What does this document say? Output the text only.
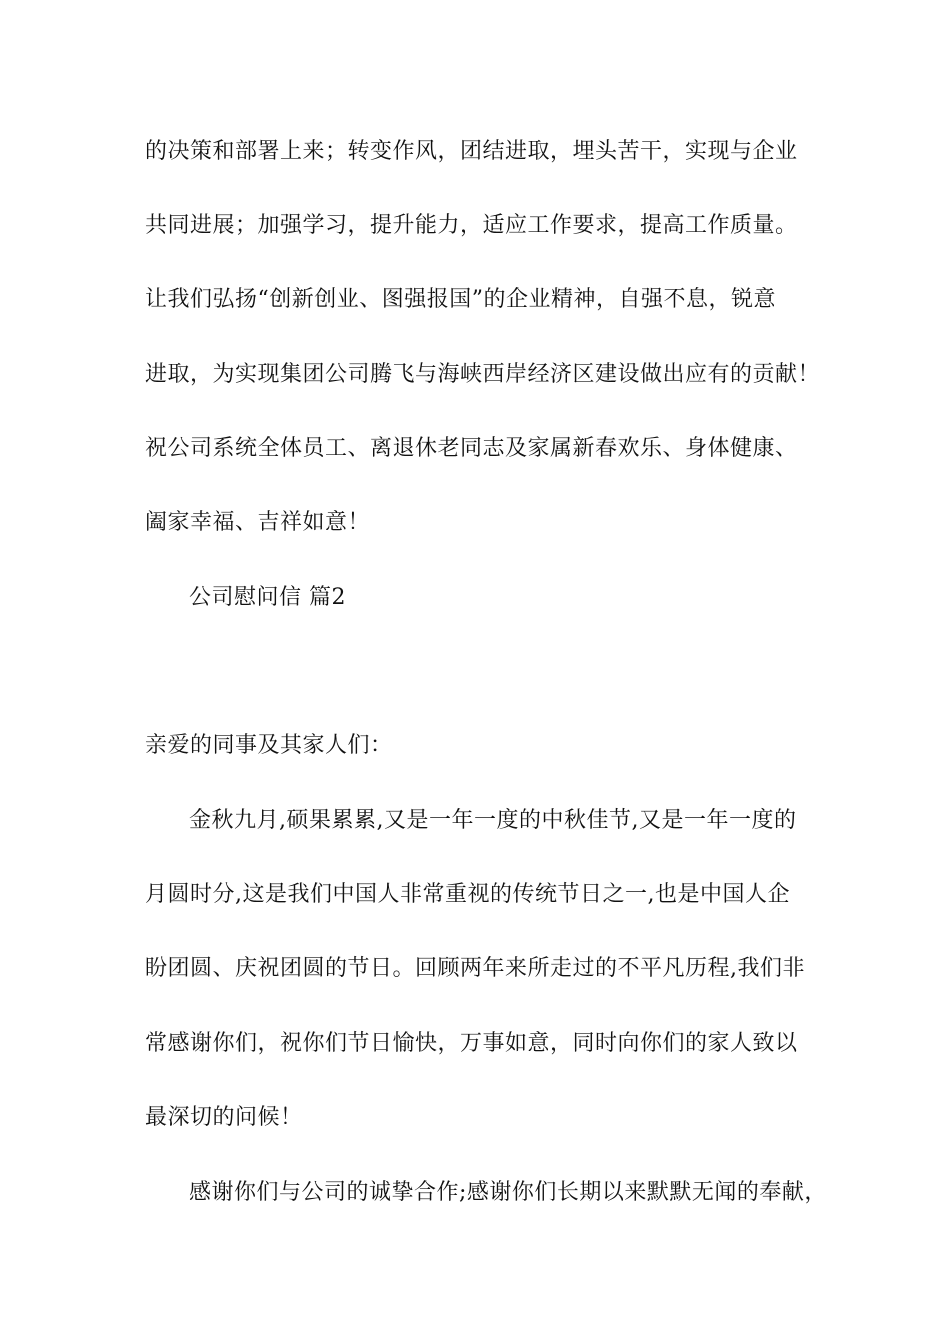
的决策和部署上来；转变作风，团结进取，埋头苦干，实现与企业
共同进展；加强学习，提升能力，适应工作要求，提高工作质量。
让我们弘扬“创新创业、图强报国”的企业精神，自强不息，锐意
进取，为实现集团公司腾飞与海峡西岸经济区建设做出应有的贡献！
祝公司系统全体员工、离退休老同志及家属新春欢乐、身体健康、
阖家幸福、吉祥如意！
公司慰问信 篇2
亲爱的同事及其家人们：
金秋九月,硕果累累,又是一年一度的中秋佳节,又是一年一度的
月圆时分,这是我们中国人非常重视的传统节日之一,也是中国人企
盼团圆、庆祝团圆的节日。回顾两年来所走过的不平凡历程,我们非
常感谢你们，祝你们节日愉快，万事如意，同时向你们的家人致以
最深切的问候！
感谢你们与公司的诚挚合作;感谢你们长期以来默默无闻的奉献，
